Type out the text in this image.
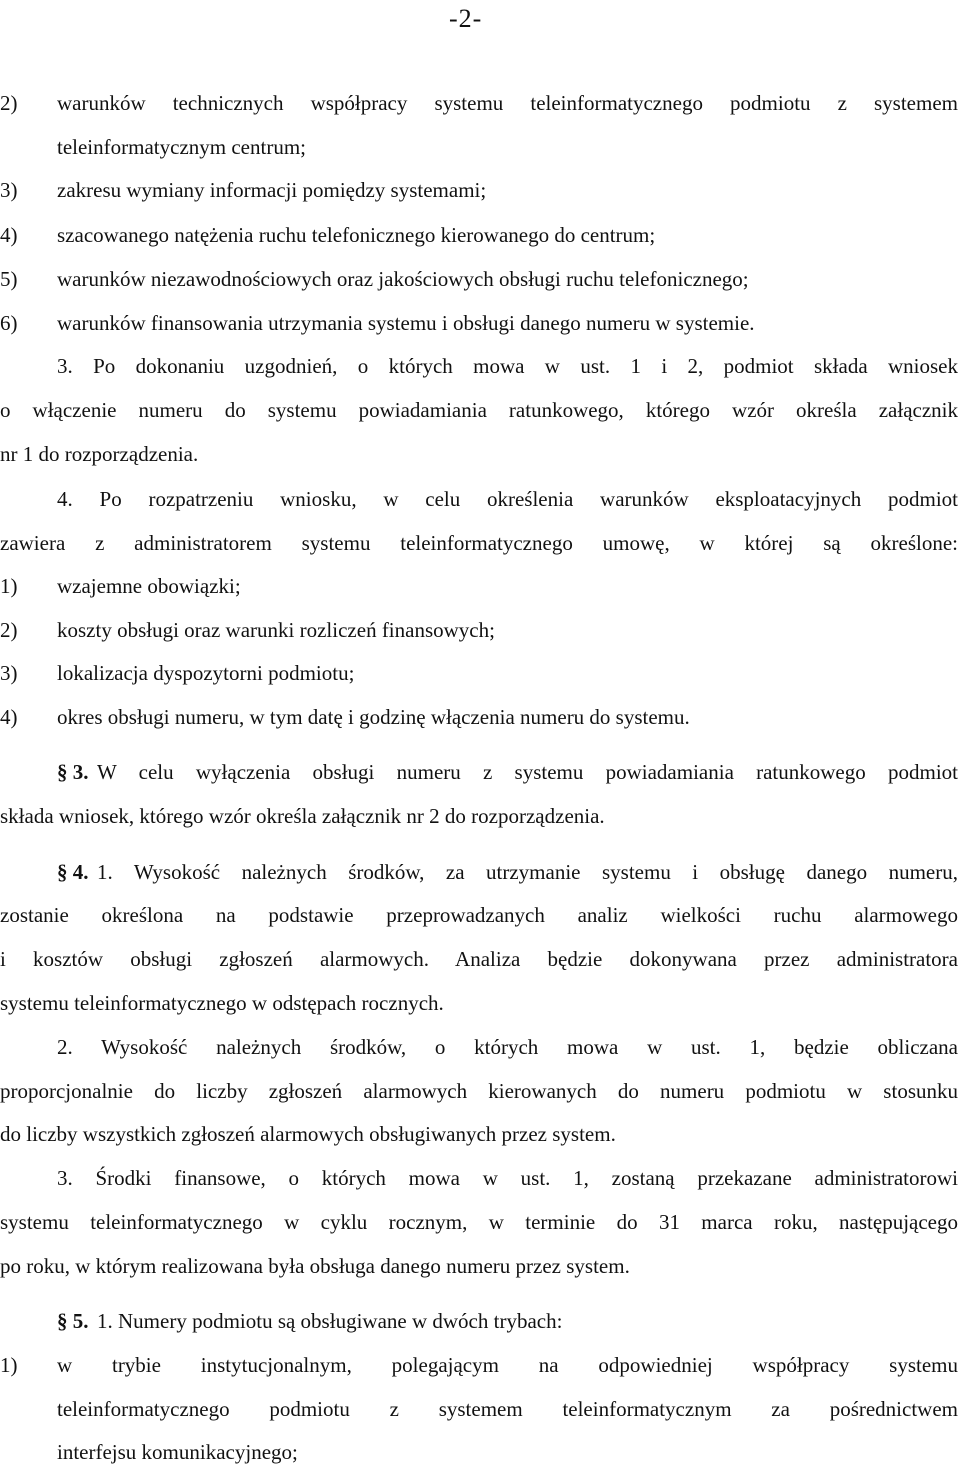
-2-
2) warunków technicznych współpracy systemu teleinformatycznego podmiotu z systemem
teleinformatycznym centrum;
3) zakresu wymiany informacji pomiędzy systemami;
4) szacowanego natężenia ruchu telefonicznego kierowanego do centrum;
5) warunków niezawodnościowych oraz jakościowych obsługi ruchu telefonicznego;
6) warunków finansowania utrzymania systemu i obsługi danego numeru w systemie.
3. Po dokonaniu uzgodnień, o których mowa w ust. 1 i 2, podmiot składa wniosek
o włączenie numeru do systemu powiadamiania ratunkowego, którego wzór określa załącznik
nr 1 do rozporządzenia.
4. Po rozpatrzeniu wniosku, w celu określenia warunków eksploatacyjnych podmiot
zawiera z administratorem systemu teleinformatycznego umowę, w której są określone:
1) wzajemne obowiązki;
2) koszty obsługi oraz warunki rozliczeń finansowych;
3) lokalizacja dyspozytorni podmiotu;
4) okres obsługi numeru, w tym datę i godzinę włączenia numeru do systemu.
§ 3. W celu wyłączenia obsługi numeru z systemu powiadamiania ratunkowego podmiot
składa wniosek, którego wzór określa załącznik nr 2 do rozporządzenia.
§ 4. 1. Wysokość należnych środków, za utrzymanie systemu i obsługę danego numeru,
zostanie określona na podstawie przeprowadzanych analiz wielkości ruchu alarmowego
i kosztów obsługi zgłoszeń alarmowych. Analiza będzie dokonywana przez administratora
systemu teleinformatycznego w odstępach rocznych.
2. Wysokość należnych środków, o których mowa w ust. 1, będzie obliczana
proporcjonalnie do liczby zgłoszeń alarmowych kierowanych do numeru podmiotu w stosunku
do liczby wszystkich zgłoszeń alarmowych obsługiwanych przez system.
3. Środki finansowe, o których mowa w ust. 1, zostaną przekazane administratorowi
systemu teleinformatycznego w cyklu rocznym, w terminie do 31 marca roku, następującego
po roku, w którym realizowana była obsługa danego numeru przez system.
§ 5. 1. Numery podmiotu są obsługiwane w dwóch trybach:
1) w trybie instytucjonalnym, polegającym na odpowiedniej współpracy systemu
teleinformatycznego podmiotu z systemem teleinformatycznym za pośrednictwem
interfejsu komunikacyjnego;
